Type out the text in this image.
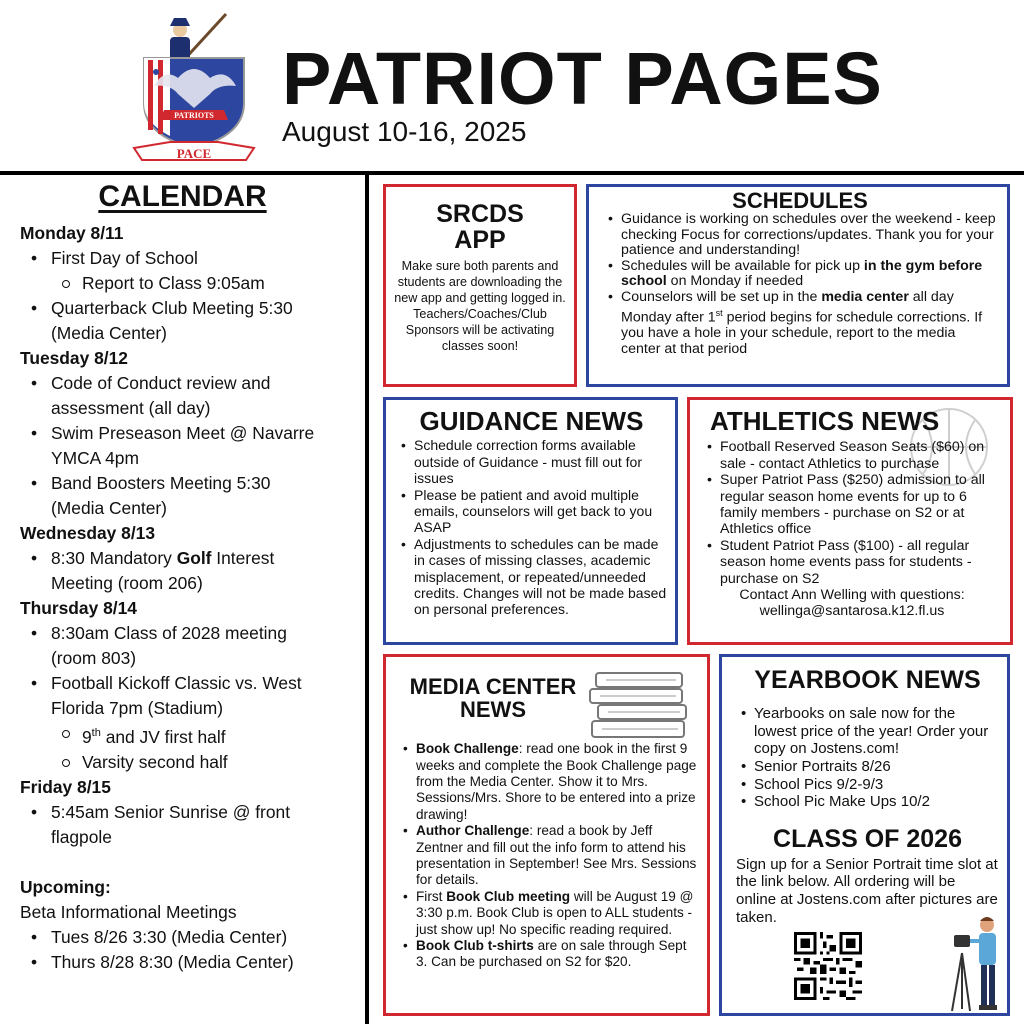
PATRIOTS
PACE
PATRIOT PAGES
August 10-16, 2025
CALENDAR
Monday 8/11
• First Day of School
Report to Class 9:05am
• Quarterback Club Meeting 5:30
(Media Center)
Tuesday 8/12
• Code of Conduct review and
assessment (all day)
• Swim Preseason Meet @ Navarre
YMCA 4pm
• Band Boosters Meeting 5:30
(Media Center)
Wednesday 8/13
• 8:30 Mandatory Golf Interest
Meeting (room 206)
Thursday 8/14
• 8:30am Class of 2028 meeting
(room 803)
• Football Kickoff Classic vs. West
Florida 7pm (Stadium)
9th and JV first half
Varsity second half
Friday 8/15
• 5:45am Senior Sunrise @ front
flagpole
Upcoming:
Beta Informational Meetings
• Tues 8/26 3:30 (Media Center)
• Thurs 8/28 8:30 (Media Center)
SRCDS
APP

Make sure both parents and students are downloading the new app and getting logged in. Teachers/Coaches/Club Sponsors will be activating classes soon!

SCHEDULES
• Guidance is working on schedules over the weekend - keep checking Focus for corrections/updates. Thank you for your patience and understanding!
• Schedules will be available for pick up in the gym before school on Monday if needed
• Counselors will be set up in the media center all day Monday after 1st period begins for schedule corrections. If you have a hole in your schedule, report to the media center at that period
GUIDANCE NEWS
• Schedule correction forms available outside of Guidance - must fill out for issues
• Please be patient and avoid multiple emails, counselors will get back to you ASAP
• Adjustments to schedules can be made in cases of missing classes, academic misplacement, or repeated/unneeded credits. Changes will not be made based on personal preferences.
ATHLETICS NEWS
• Football Reserved Season Seats ($60) on sale - contact Athletics to purchase
• Super Patriot Pass ($250) admission to all regular season home events for up to 6 family members - purchase on S2 or at Athletics office
• Student Patriot Pass ($100) - all regular season home events pass for students - purchase on S2
Contact Ann Welling with questions:
wellinga@santarosa.k12.fl.us
MEDIA CENTER
NEWS
• Book Challenge: read one book in the first 9 weeks and complete the Book Challenge page from the Media Center. Show it to Mrs. Sessions/Mrs. Shore to be entered into a prize drawing!
• Author Challenge: read a book by Jeff Zentner and fill out the info form to attend his presentation in September! See Mrs. Sessions for details.
• First Book Club meeting will be August 19 @ 3:30 p.m. Book Club is open to ALL students - just show up! No specific reading required.
• Book Club t-shirts are on sale through Sept 3. Can be purchased on S2 for $20.
YEARBOOK NEWS
• Yearbooks on sale now for the lowest price of the year! Order your copy on Jostens.com!
• Senior Portraits 8/26
• School Pics 9/2-9/3
• School Pic Make Ups 10/2
CLASS OF 2026
Sign up for a Senior Portrait time slot at the link below. All ordering will be online at Jostens.com after pictures are taken.
